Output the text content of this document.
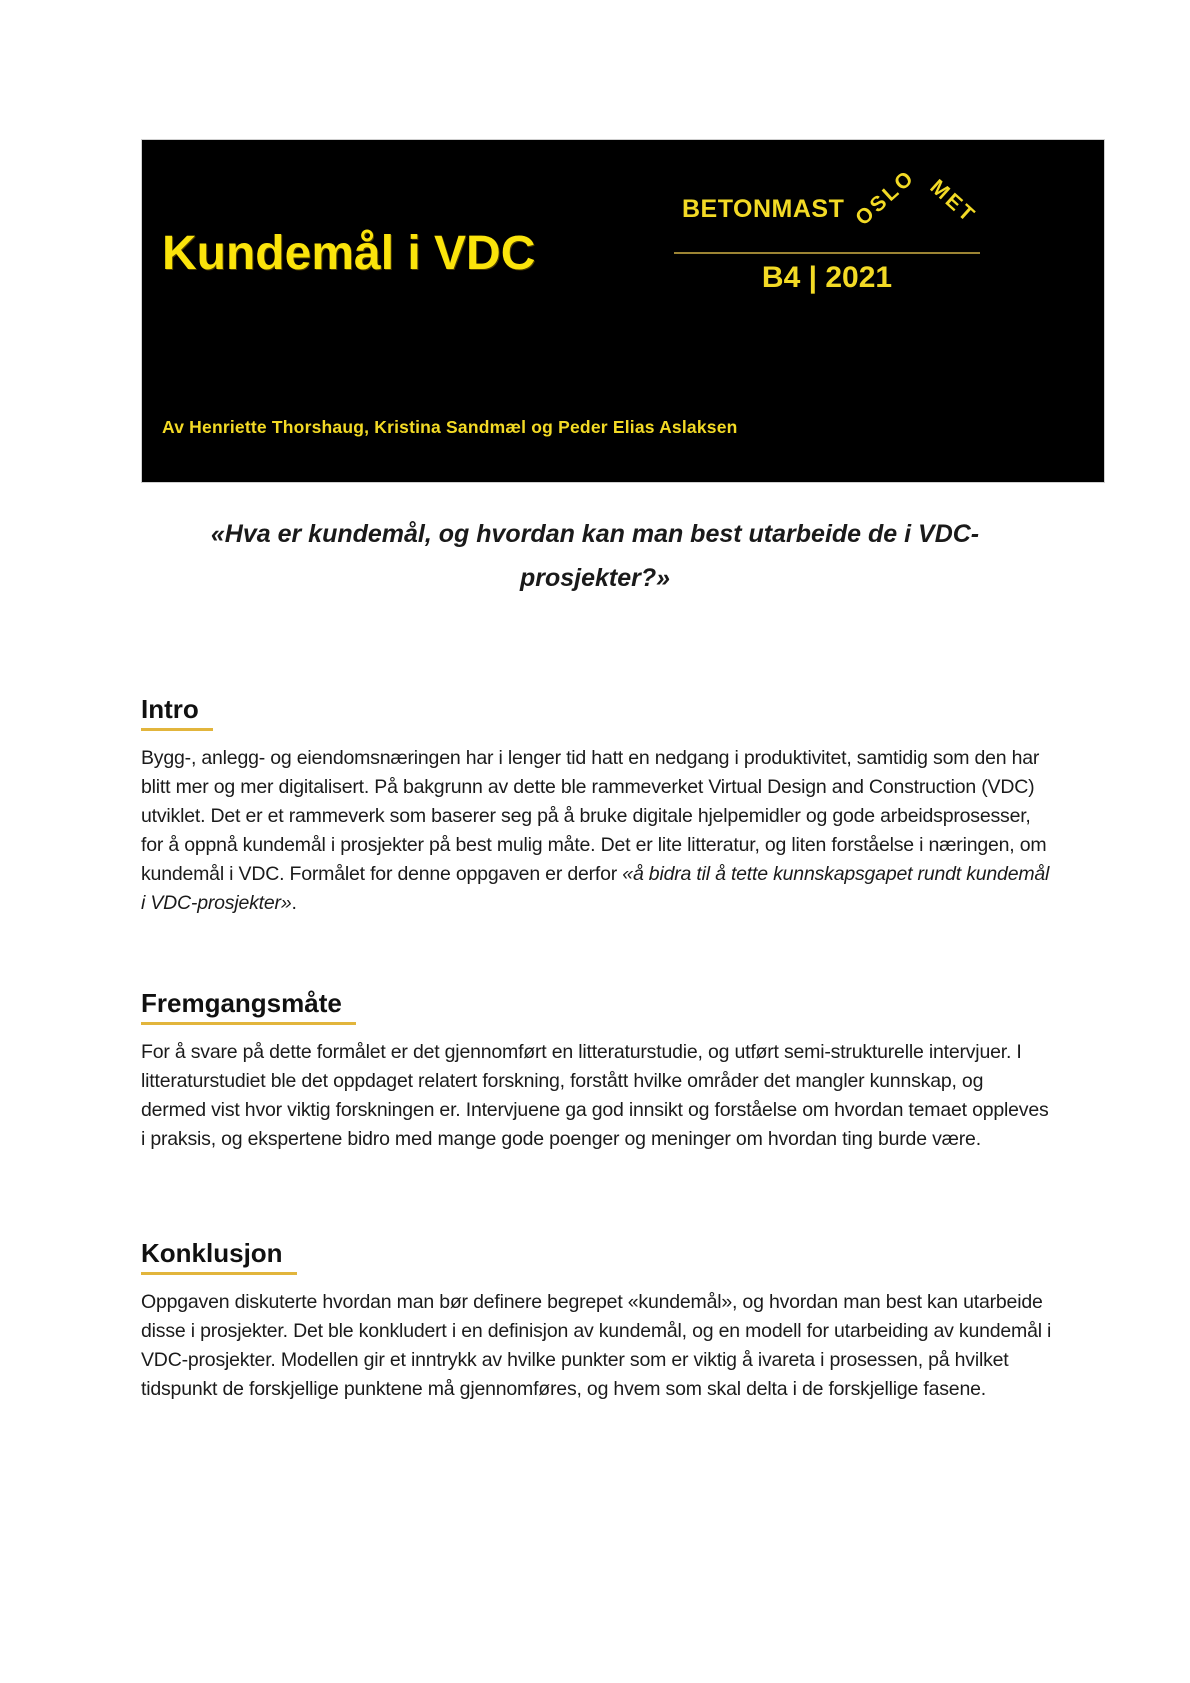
Kundemål i VDC
BETONMAST OSLO MET
B4 | 2021
Av Henriette Thorshaug, Kristina Sandmæl og Peder Elias Aslaksen
«Hva er kundemål, og hvordan kan man best utarbeide de i VDC-
prosjekter?»
Intro
Bygg-, anlegg- og eiendomsnæringen har i lenger tid hatt en nedgang i produktivitet, samtidig som den har blitt mer og mer digitalisert. På bakgrunn av dette ble rammeverket Virtual Design and Construction (VDC) utviklet. Det er et rammeverk som baserer seg på å bruke digitale hjelpemidler og gode arbeidsprosesser, for å oppnå kundemål i prosjekter på best mulig måte. Det er lite litteratur, og liten forståelse i næringen, om kundemål i VDC. Formålet for denne oppgaven er derfor «å bidra til å tette kunnskapsgapet rundt kundemål i VDC-prosjekter».
Fremgangsmåte
For å svare på dette formålet er det gjennomført en litteraturstudie, og utført semi-strukturelle intervjuer. I litteraturstudiet ble det oppdaget relatert forskning, forstått hvilke områder det mangler kunnskap, og dermed vist hvor viktig forskningen er. Intervjuene ga god innsikt og forståelse om hvordan temaet oppleves i praksis, og ekspertene bidro med mange gode poenger og meninger om hvordan ting burde være.
Konklusjon
Oppgaven diskuterte hvordan man bør definere begrepet «kundemål», og hvordan man best kan utarbeide disse i prosjekter. Det ble konkludert i en definisjon av kundemål, og en modell for utarbeiding av kundemål i VDC-prosjekter. Modellen gir et inntrykk av hvilke punkter som er viktig å ivareta i prosessen, på hvilket tidspunkt de forskjellige punktene må gjennomføres, og hvem som skal delta i de forskjellige fasene.
